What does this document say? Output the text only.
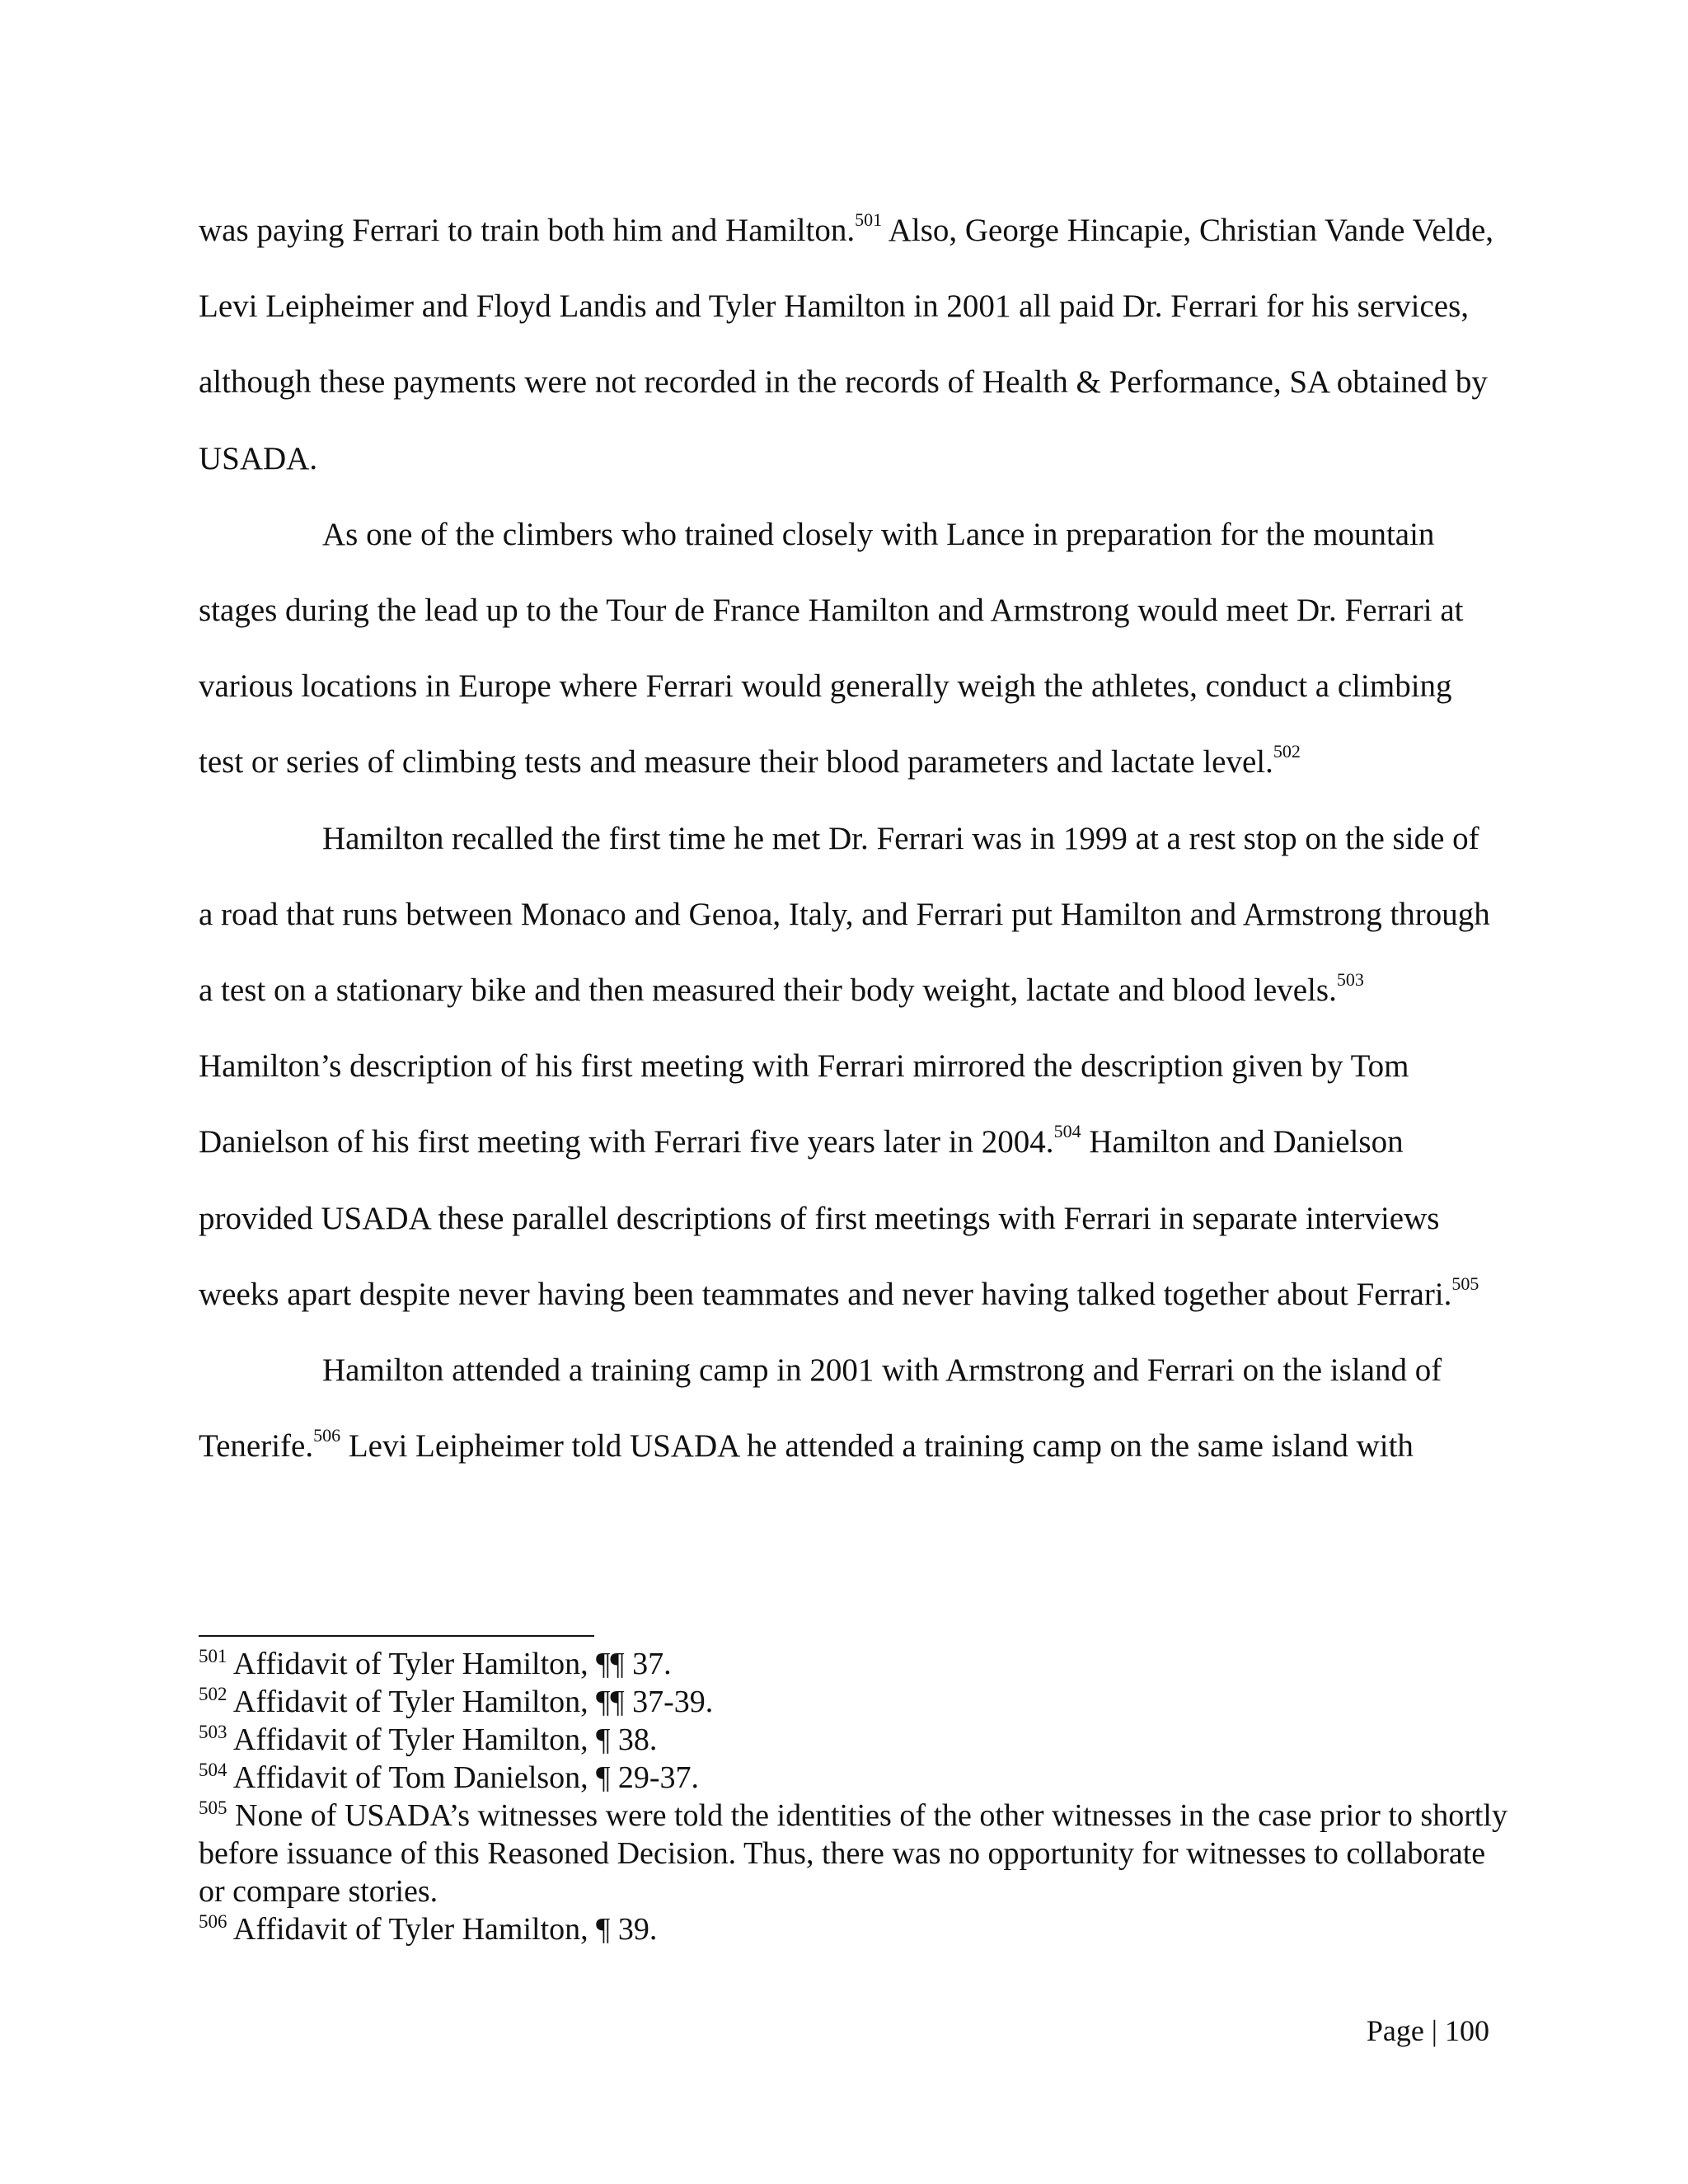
was paying Ferrari to train both him and Hamilton.$^{501}$ Also, George Hincapie, Christian Vande Velde, Levi Leipheimer and Floyd Landis and Tyler Hamilton in 2001 all paid Dr. Ferrari for his services, although these payments were not recorded in the records of Health & Performance, SA obtained by USADA.

As one of the climbers who trained closely with Lance in preparation for the mountain stages during the lead up to the Tour de France Hamilton and Armstrong would meet Dr. Ferrari at various locations in Europe where Ferrari would generally weigh the athletes, conduct a climbing test or series of climbing tests and measure their blood parameters and lactate level.$^{502}$

Hamilton recalled the first time he met Dr. Ferrari was in 1999 at a rest stop on the side of a road that runs between Monaco and Genoa, Italy, and Ferrari put Hamilton and Armstrong through a test on a stationary bike and then measured their body weight, lactate and blood levels.$^{503}$ Hamilton’s description of his first meeting with Ferrari mirrored the description given by Tom Danielson of his first meeting with Ferrari five years later in 2004.$^{504}$ Hamilton and Danielson provided USADA these parallel descriptions of first meetings with Ferrari in separate interviews weeks apart despite never having been teammates and never having talked together about Ferrari.$^{505}$

Hamilton attended a training camp in 2001 with Armstrong and Ferrari on the island of Tenerife.$^{506}$ Levi Leipheimer told USADA he attended a training camp on the same island with

$^{501}$ Affidavit of Tyler Hamilton, ¶¶ 37.

$^{502}$ Affidavit of Tyler Hamilton, ¶¶ 37-39.

$^{503}$ Affidavit of Tyler Hamilton, ¶ 38.

$^{504}$ Affidavit of Tom Danielson, ¶ 29-37.

$^{505}$ None of USADA’s witnesses were told the identities of the other witnesses in the case prior to shortly before issuance of this Reasoned Decision. Thus, there was no opportunity for witnesses to collaborate or compare stories.

$^{506}$ Affidavit of Tyler Hamilton, ¶ 39.

Page | 100
